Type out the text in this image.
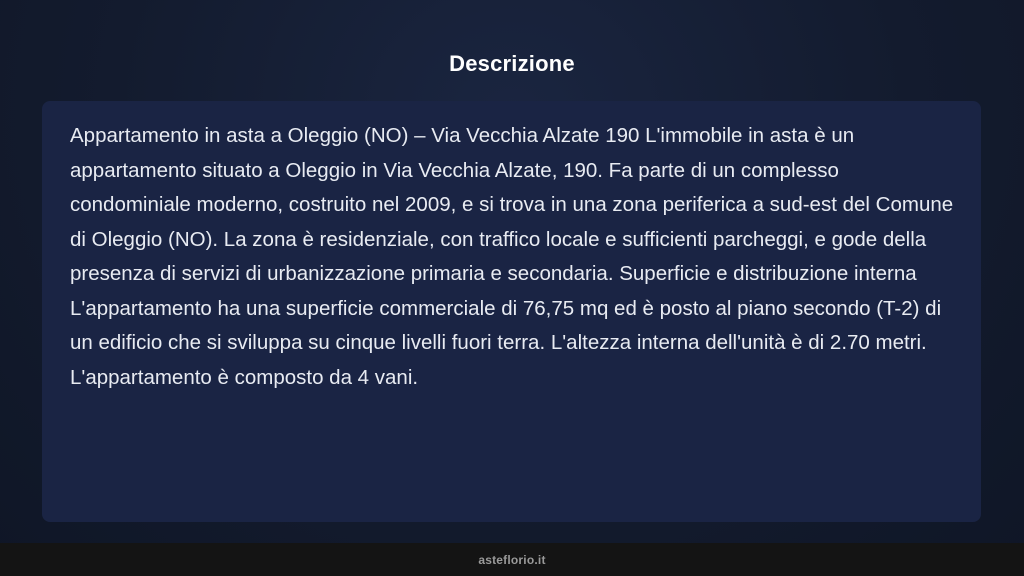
Descrizione

Appartamento in asta a Oleggio (NO) – Via Vecchia Alzate 190 L'immobile in asta è un appartamento situato a Oleggio in Via Vecchia Alzate, 190. Fa parte di un complesso condominiale moderno, costruito nel 2009, e si trova in una zona periferica a sud-est del Comune di Oleggio (NO). La zona è residenziale, con traffico locale e sufficienti parcheggi, e gode della presenza di servizi di urbanizzazione primaria e secondaria. Superficie e distribuzione interna L'appartamento ha una superficie commerciale di 76,75 mq ed è posto al piano secondo (T-2) di un edificio che si sviluppa su cinque livelli fuori terra. L'altezza interna dell'unità è di 2.70 metri. L'appartamento è composto da 4 vani.

asteflorio.it
